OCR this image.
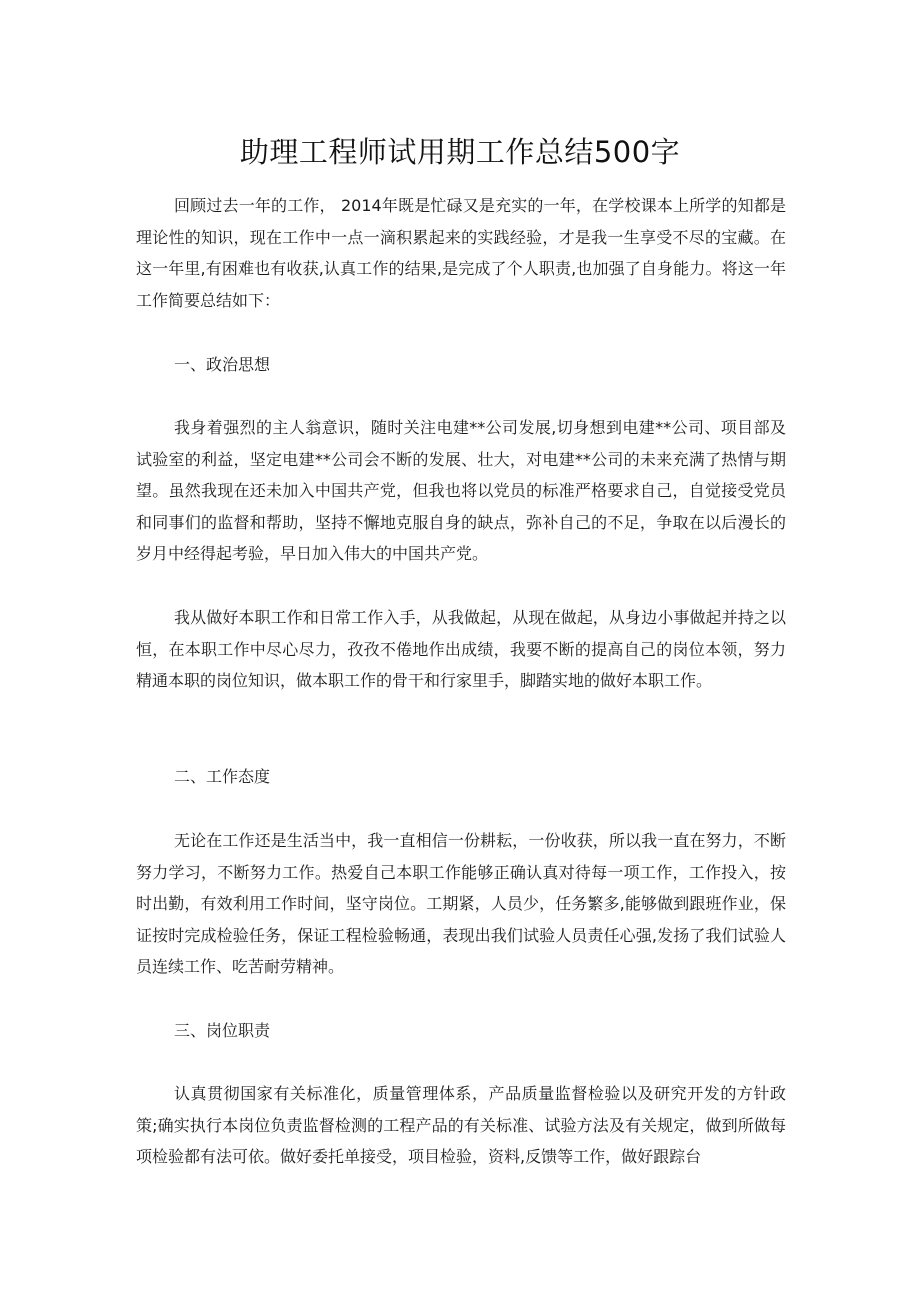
助理工程师试用期工作总结500字

回顾过去一年的工作， 2014年既是忙碌又是充实的一年，在学校课本上所学的知都是理论性的知识，现在工作中一点一滴积累起来的实践经验，才是我一生享受不尽的宝藏。在这一年里,有困难也有收获,认真工作的结果,是完成了个人职责,也加强了自身能力。将这一年工作简要总结如下：

一、政治思想

我身着强烈的主人翁意识，随时关注电建**公司发展,切身想到电建**公司、项目部及试验室的利益，坚定电建**公司会不断的发展、壮大，对电建**公司的未来充满了热情与期望。虽然我现在还未加入中国共产党，但我也将以党员的标准严格要求自己，自觉接受党员和同事们的监督和帮助，坚持不懈地克服自身的缺点，弥补自己的不足，争取在以后漫长的岁月中经得起考验，早日加入伟大的中国共产党。

我从做好本职工作和日常工作入手，从我做起，从现在做起，从身边小事做起并持之以恒，在本职工作中尽心尽力，孜孜不倦地作出成绩，我要不断的提高自己的岗位本领，努力精通本职的岗位知识，做本职工作的骨干和行家里手，脚踏实地的做好本职工作。

二、工作态度

无论在工作还是生活当中，我一直相信一份耕耘，一份收获，所以我一直在努力，不断努力学习，不断努力工作。热爱自己本职工作能够正确认真对待每一项工作，工作投入，按时出勤，有效利用工作时间，坚守岗位。工期紧，人员少，任务繁多,能够做到跟班作业，保证按时完成检验任务，保证工程检验畅通，表现出我们试验人员责任心强,发扬了我们试验人员连续工作、吃苦耐劳精神。

三、岗位职责

认真贯彻国家有关标准化，质量管理体系，产品质量监督检验以及研究开发的方针政策;确实执行本岗位负责监督检测的工程产品的有关标准、试验方法及有关规定，做到所做每项检验都有法可依。做好委托单接受，项目检验，资料,反馈等工作，做好跟踪台
